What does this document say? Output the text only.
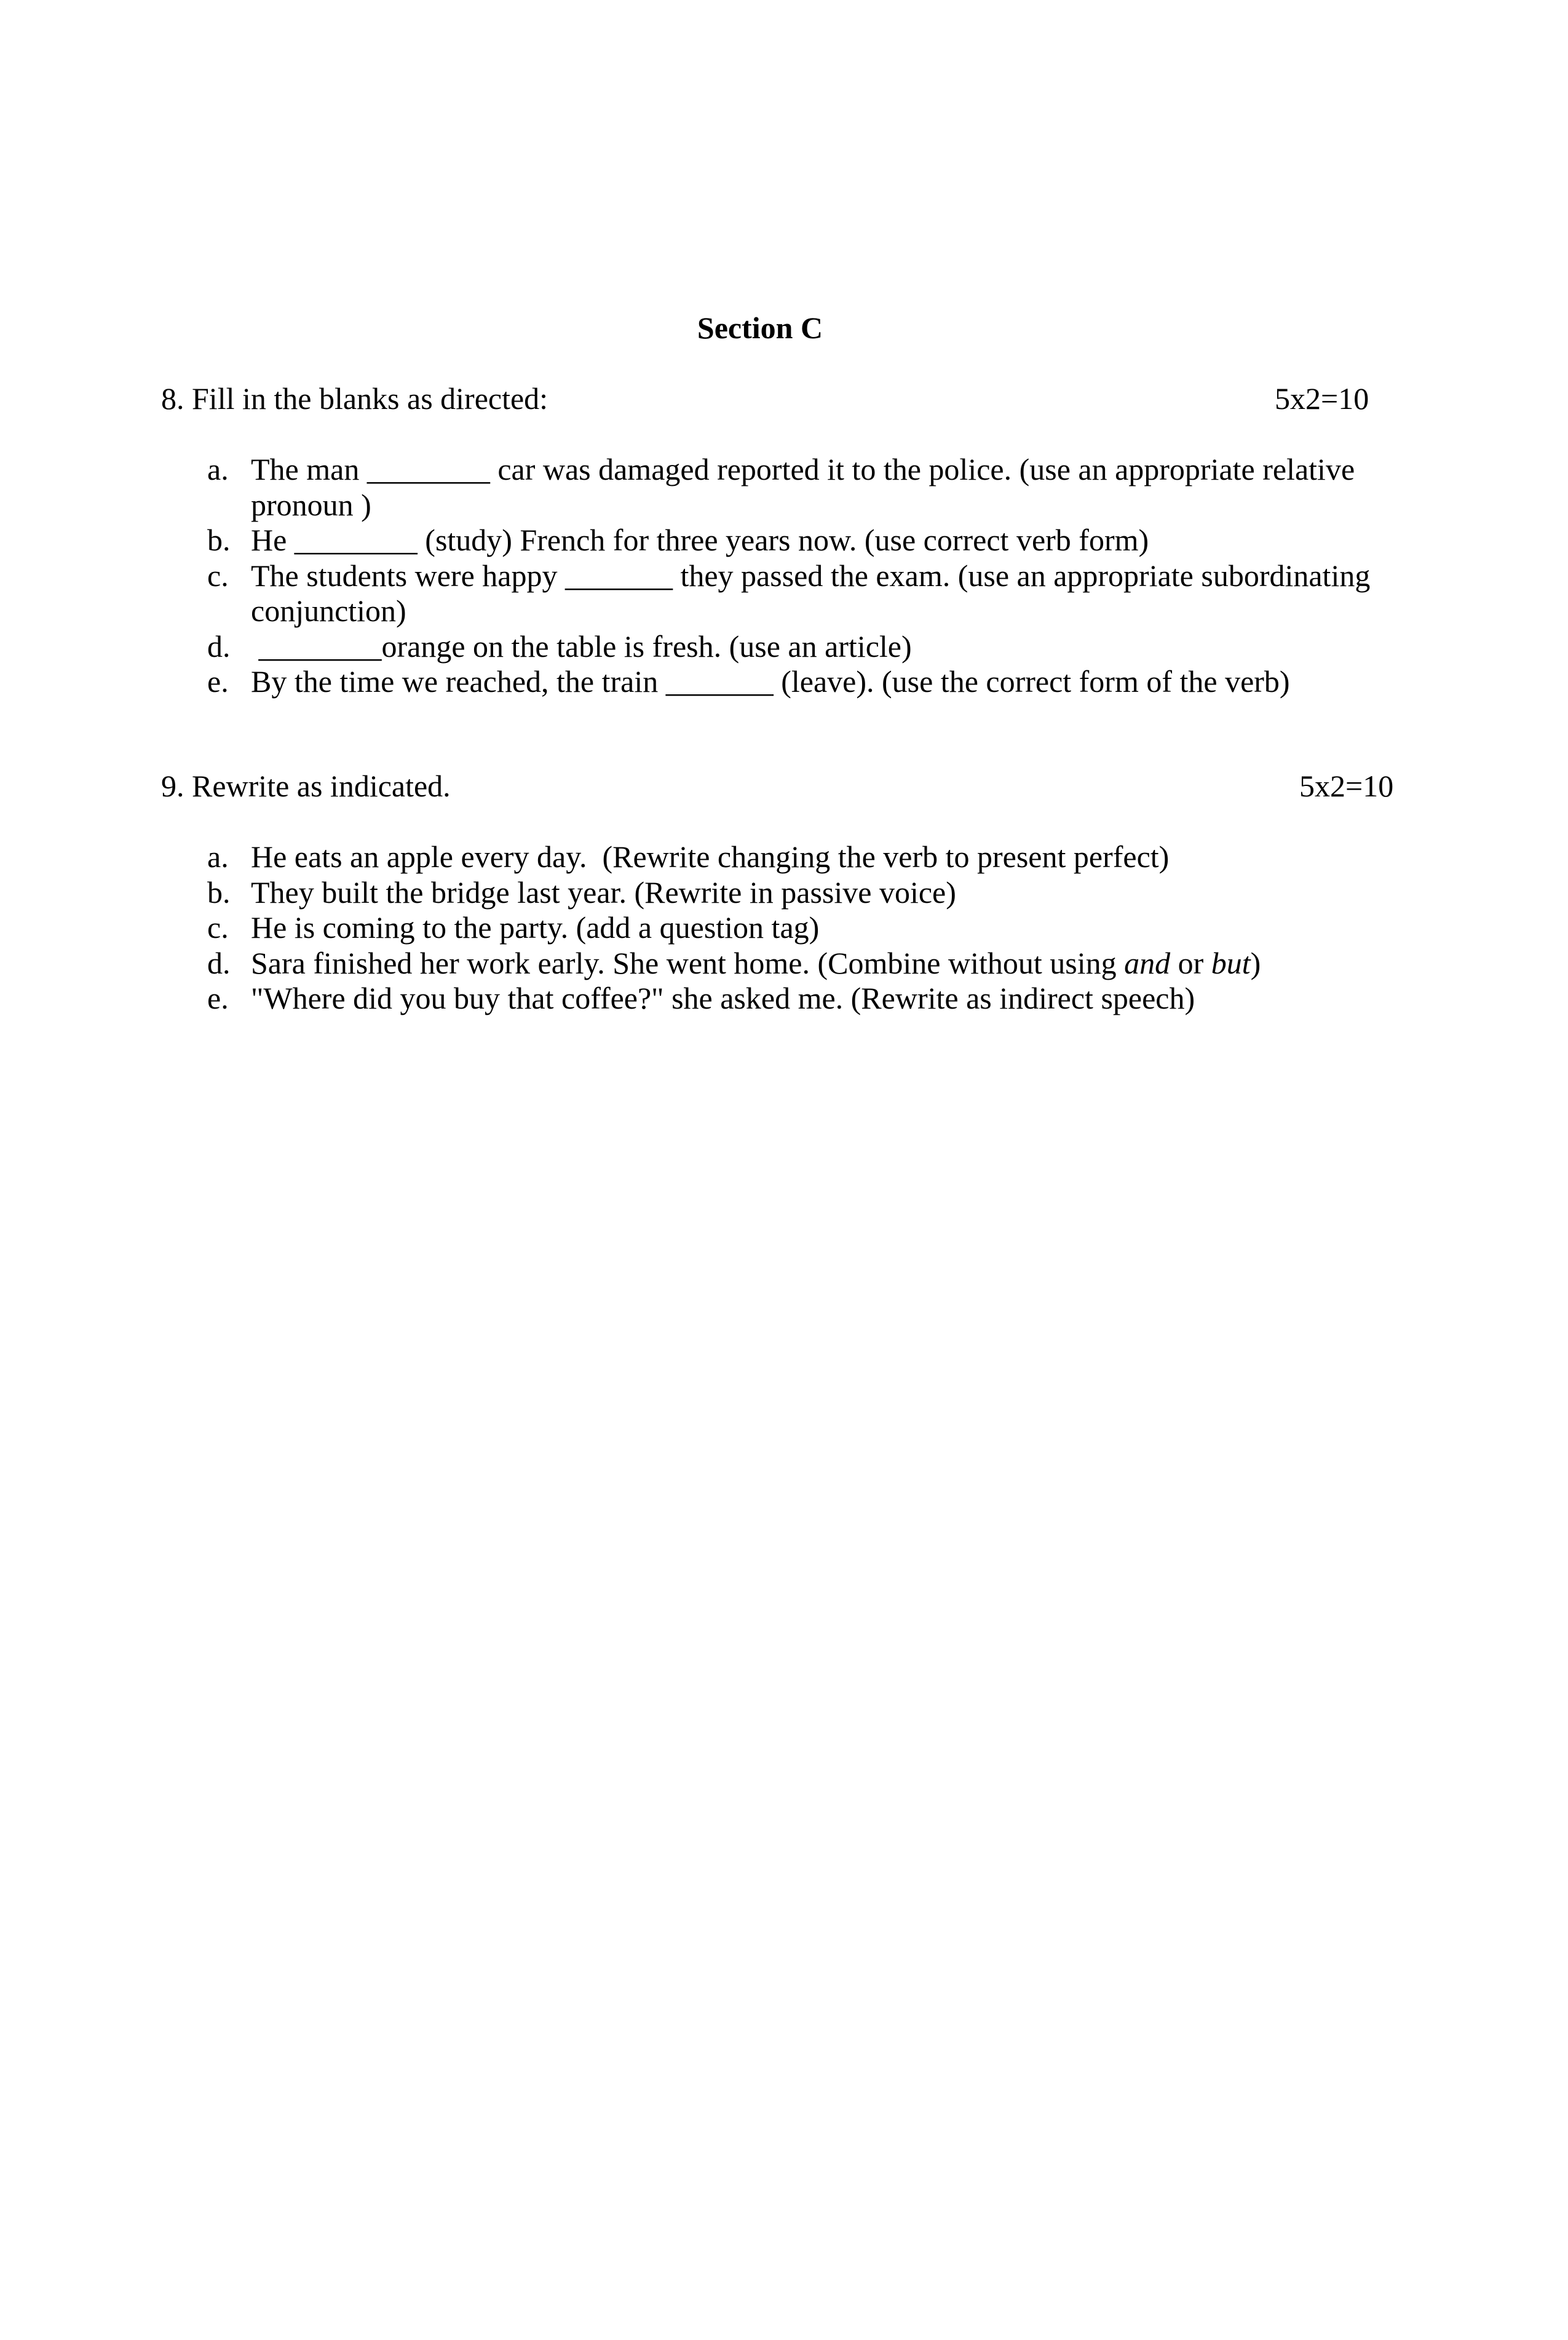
Section C
8. Fill in the blanks as directed:	5x2=10
a. The man ________ car was damaged reported it to the police. (use an appropriate relative
pronoun )
b. He ________ (study) French for three years now. (use correct verb form)
c. The students were happy _______ they passed the exam. (use an appropriate subordinating
conjunction)
d. ________orange on the table is fresh. (use an article)
e. By the time we reached, the train _______ (leave). (use the correct form of the verb)
9. Rewrite as indicated.	5x2=10
a. He eats an apple every day.  (Rewrite changing the verb to present perfect)
b. They built the bridge last year. (Rewrite in passive voice)
c. He is coming to the party. (add a question tag)
d. Sara finished her work early. She went home. (Combine without using and or but)
e. "Where did you buy that coffee?" she asked me. (Rewrite as indirect speech)
